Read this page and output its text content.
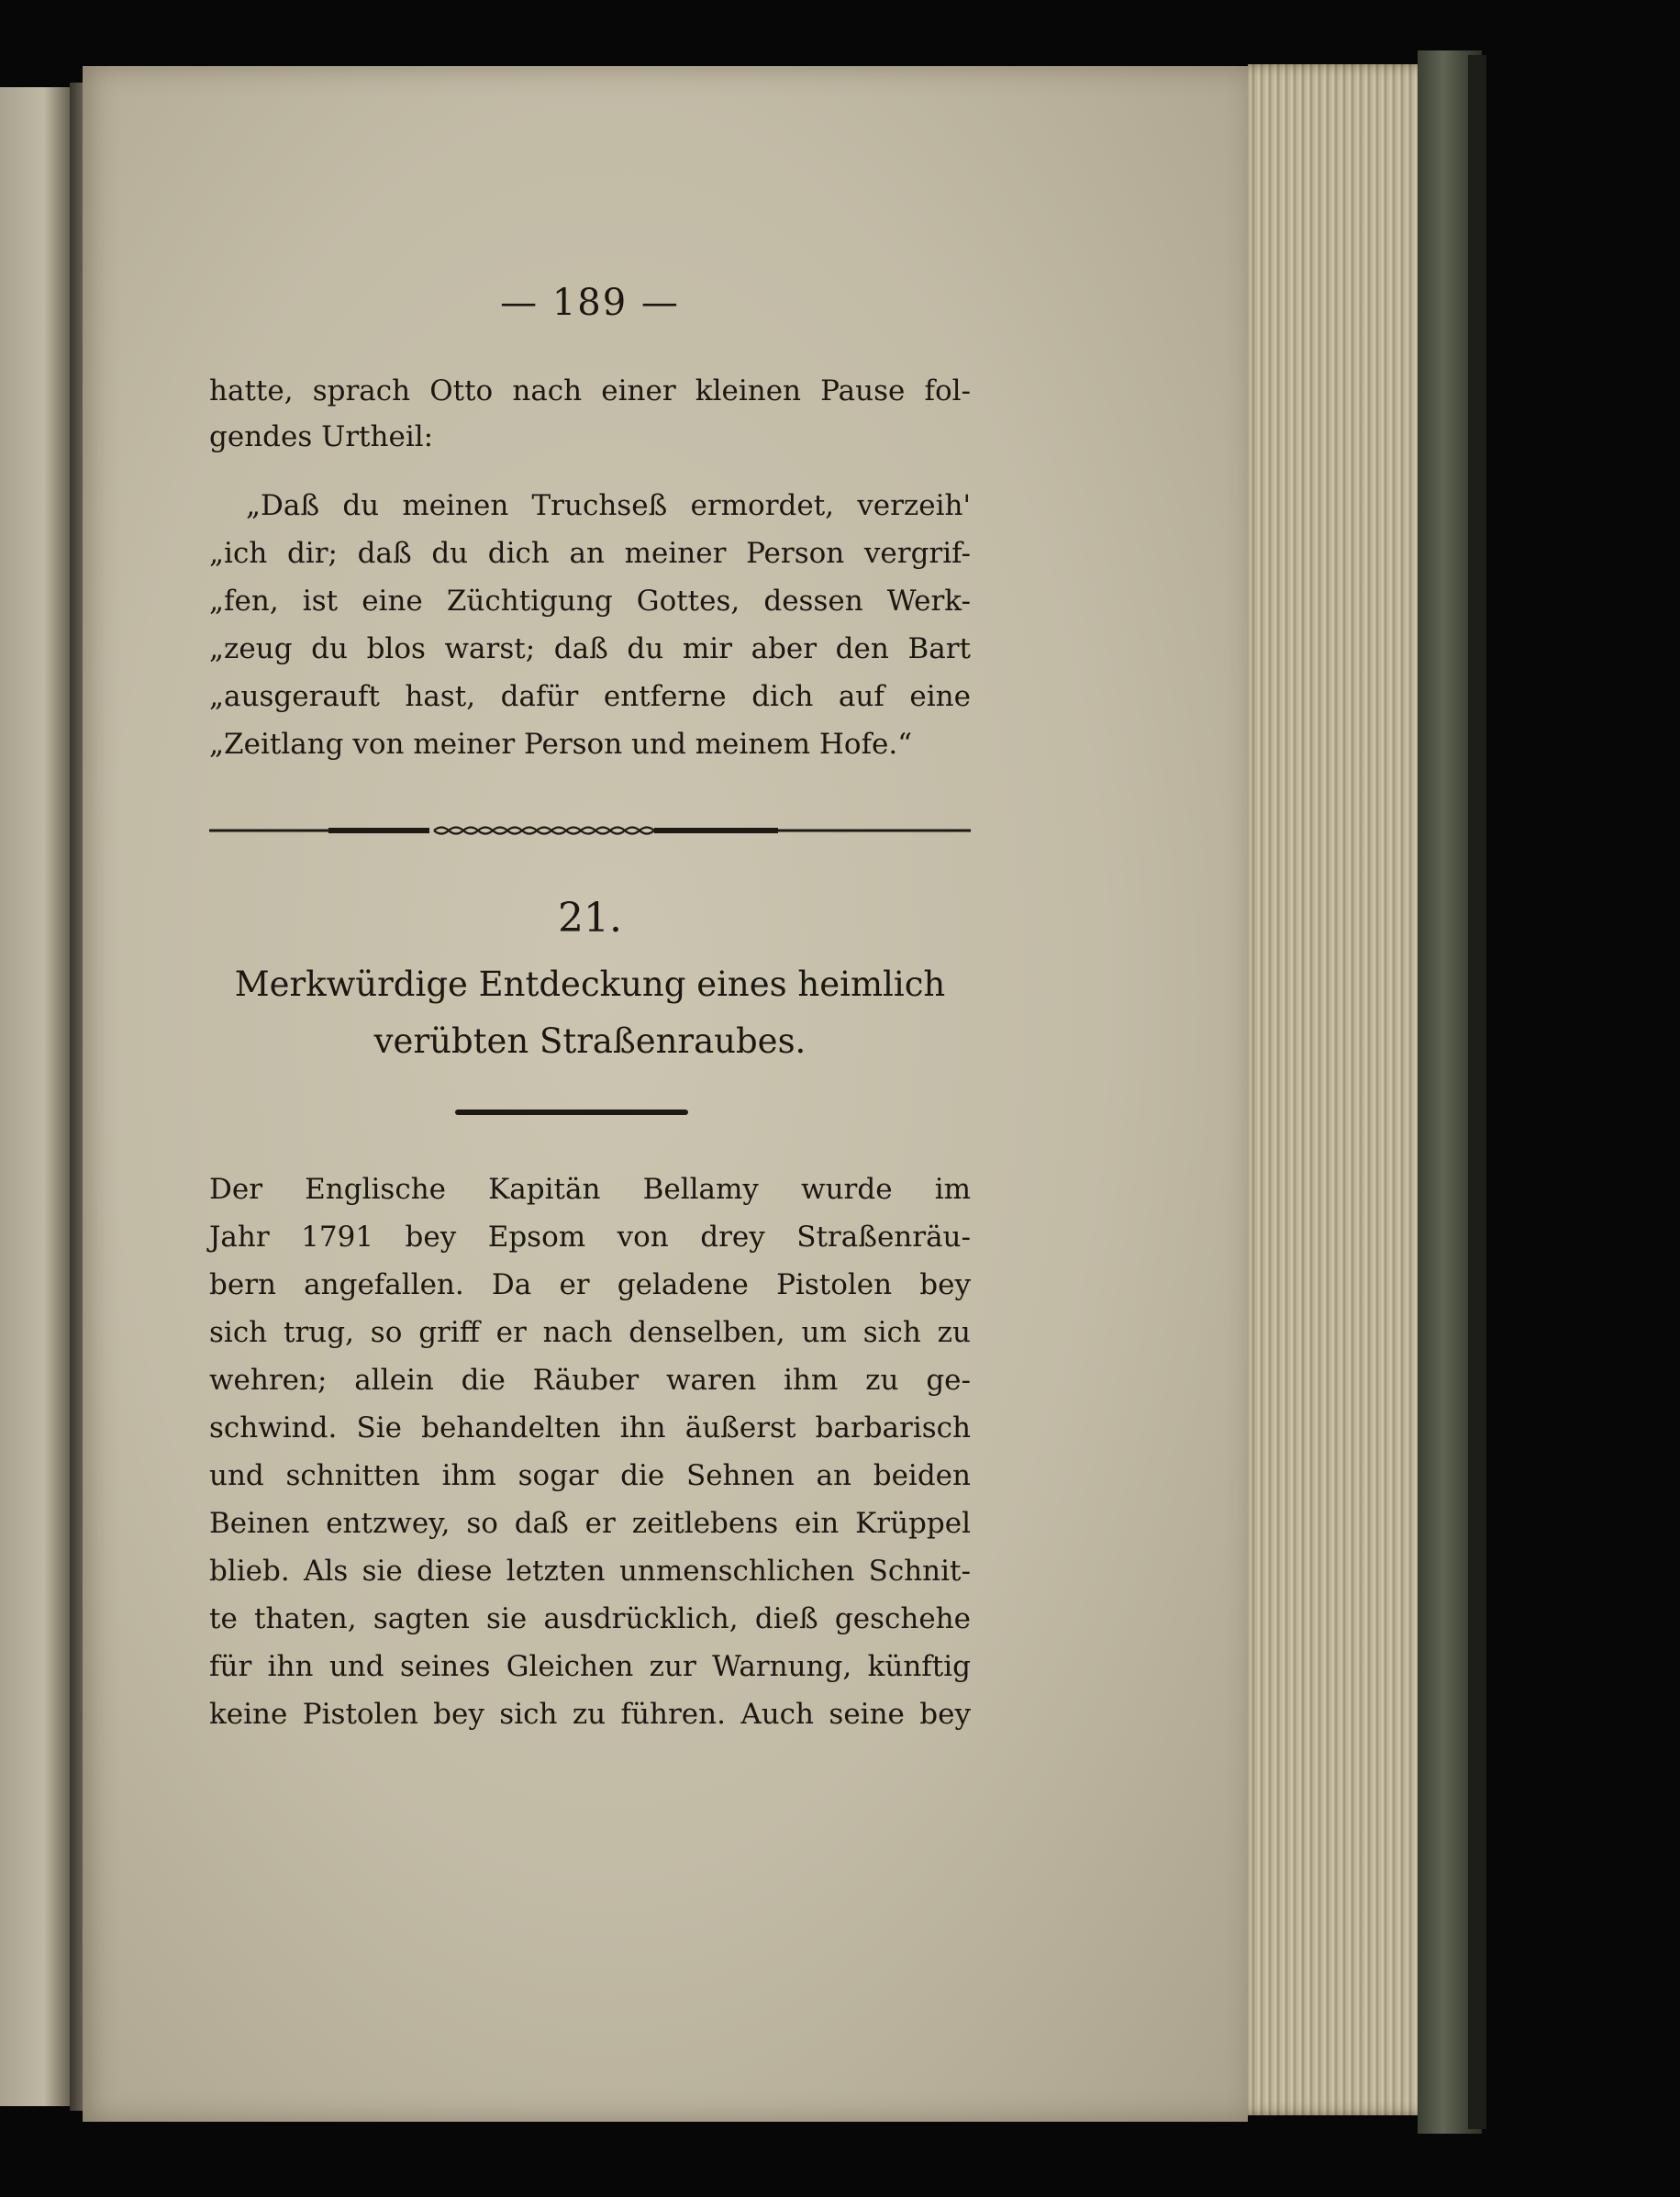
— 189 —
hatte, sprach Otto nach einer kleinen Pause fol-
gendes Urtheil:
„Daß du meinen Truchseß ermordet, verzeih'
„ich dir; daß du dich an meiner Person vergrif-
„fen, ist eine Züchtigung Gottes, dessen Werk-
„zeug du blos warst; daß du mir aber den Bart
„ausgerauft hast, dafür entferne dich auf eine
„Zeitlang von meiner Person und meinem Hofe.“
21.
Merkwürdige Entdeckung eines heimlich
verübten Straßenraubes.
Der Englische Kapitän Bellamy wurde im
Jahr 1791 bey Epsom von drey Straßenräu-
bern angefallen. Da er geladene Pistolen bey
sich trug, so griff er nach denselben, um sich zu
wehren; allein die Räuber waren ihm zu ge-
schwind. Sie behandelten ihn äußerst barbarisch
und schnitten ihm sogar die Sehnen an beiden
Beinen entzwey, so daß er zeitlebens ein Krüppel
blieb. Als sie diese letzten unmenschlichen Schnit-
te thaten, sagten sie ausdrücklich, dieß geschehe
für ihn und seines Gleichen zur Warnung, künftig
keine Pistolen bey sich zu führen. Auch seine bey
